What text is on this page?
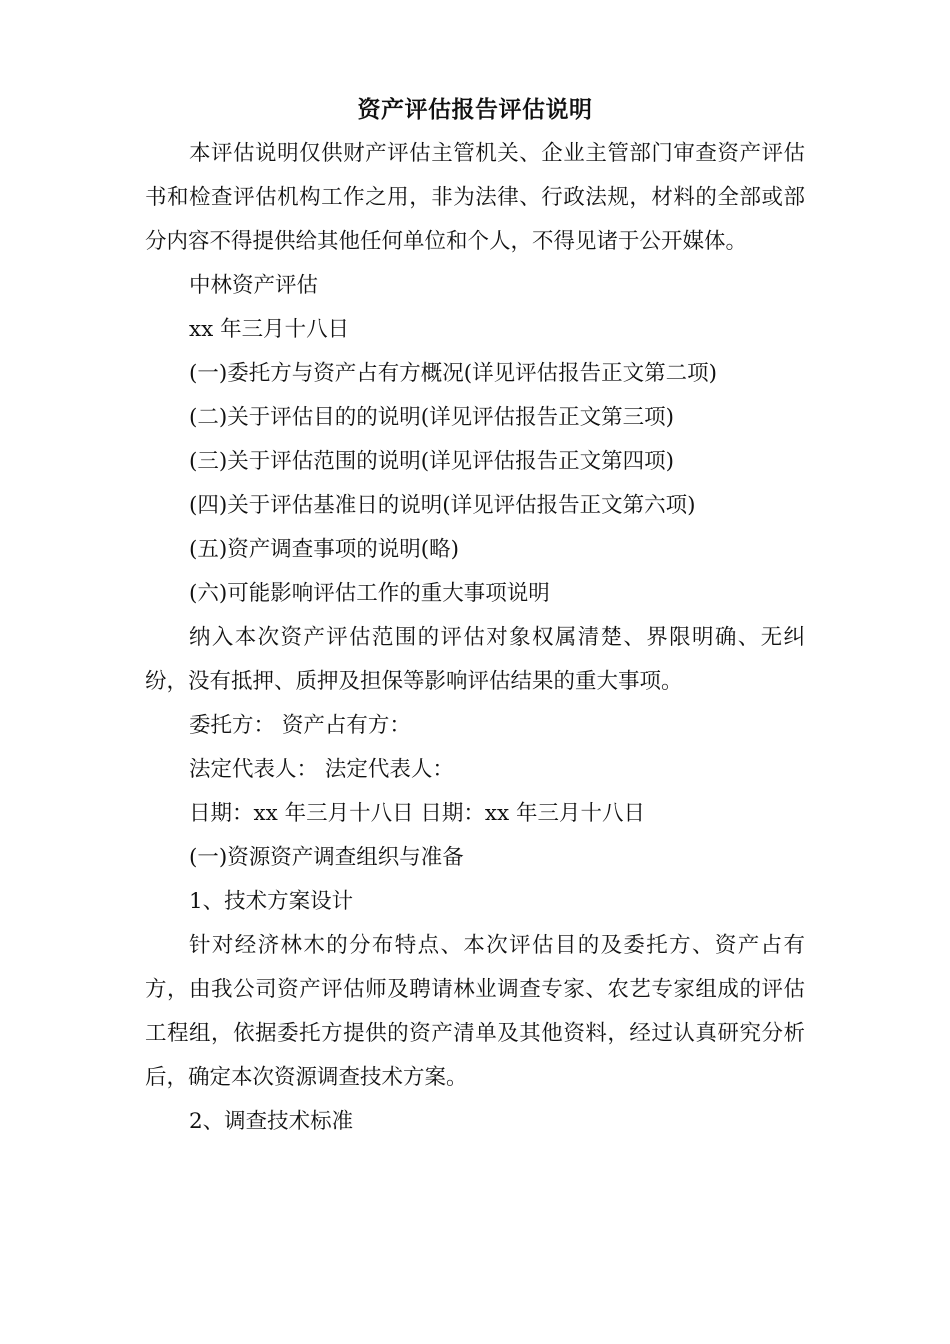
资产评估报告评估说明

本评估说明仅供财产评估主管机关、企业主管部门审查资产评估书和检查评估机构工作之用，非为法律、行政法规，材料的全部或部分内容不得提供给其他任何单位和个人，不得见诸于公开媒体。

中林资产评估

xx 年三月十八日

(一)委托方与资产占有方概况(详见评估报告正文第二项)

(二)关于评估目的的说明(详见评估报告正文第三项)

(三)关于评估范围的说明(详见评估报告正文第四项)

(四)关于评估基准日的说明(详见评估报告正文第六项)

(五)资产调查事项的说明(略)

(六)可能影响评估工作的重大事项说明

纳入本次资产评估范围的评估对象权属清楚、界限明确、无纠纷，没有抵押、质押及担保等影响评估结果的重大事项。

委托方： 资产占有方：

法定代表人： 法定代表人：

日期：xx 年三月十八日 日期：xx 年三月十八日

(一)资源资产调查组织与准备

1、技术方案设计

针对经济林木的分布特点、本次评估目的及委托方、资产占有方，由我公司资产评估师及聘请林业调查专家、农艺专家组成的评估工程组，依据委托方提供的资产清单及其他资料，经过认真研究分析后，确定本次资源调查技术方案。

2、调查技术标准
